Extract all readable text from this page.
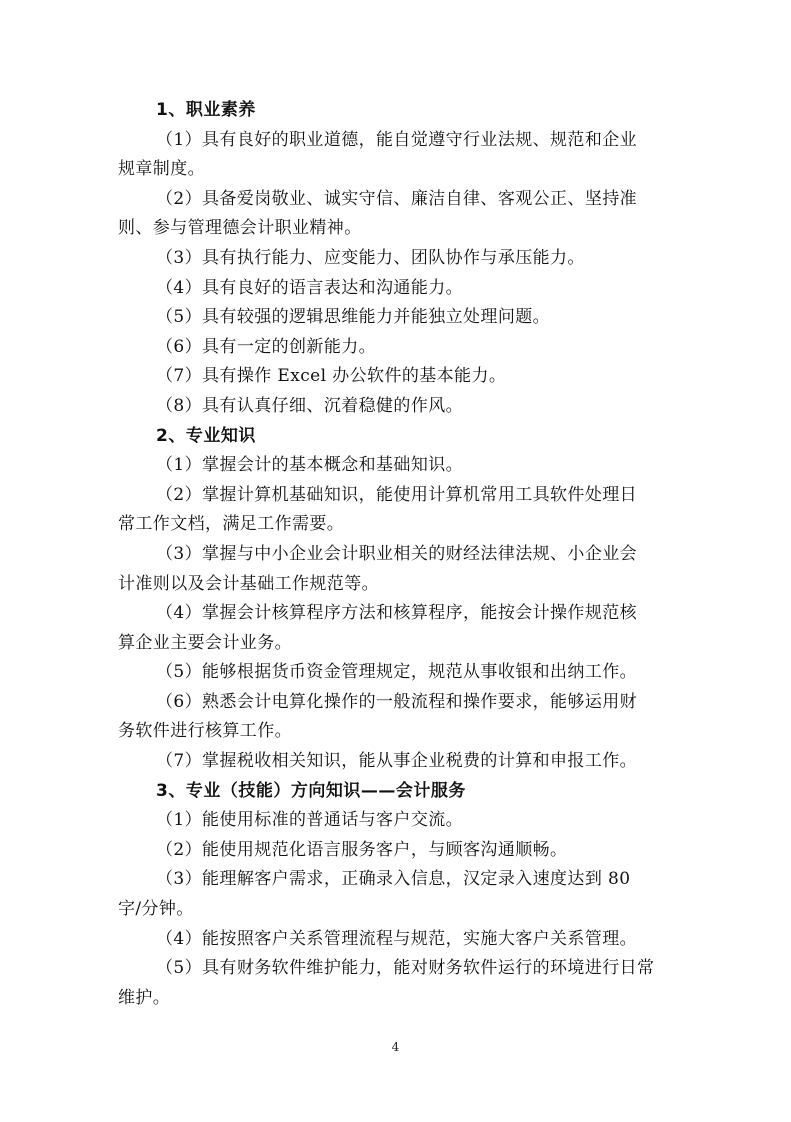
1、职业素养
（1）具有良好的职业道德，能自觉遵守行业法规、规范和企业
规章制度。
（2）具备爱岗敬业、诚实守信、廉洁自律、客观公正、坚持准
则、参与管理德会计职业精神。
（3）具有执行能力、应变能力、团队协作与承压能力。
（4）具有良好的语言表达和沟通能力。
（5）具有较强的逻辑思维能力并能独立处理问题。
（6）具有一定的创新能力。
（7）具有操作 Excel 办公软件的基本能力。
（8）具有认真仔细、沉着稳健的作风。
2、专业知识
（1）掌握会计的基本概念和基础知识。
（2）掌握计算机基础知识，能使用计算机常用工具软件处理日
常工作文档，满足工作需要。
（3）掌握与中小企业会计职业相关的财经法律法规、小企业会
计准则以及会计基础工作规范等。
（4）掌握会计核算程序方法和核算程序，能按会计操作规范核
算企业主要会计业务。
（5）能够根据货币资金管理规定，规范从事收银和出纳工作。
（6）熟悉会计电算化操作的一般流程和操作要求，能够运用财
务软件进行核算工作。
（7）掌握税收相关知识，能从事企业税费的计算和申报工作。
3、专业（技能）方向知识——会计服务
（1）能使用标准的普通话与客户交流。
（2）能使用规范化语言服务客户，与顾客沟通顺畅。
（3）能理解客户需求，正确录入信息，汉定录入速度达到 80
字/分钟。
（4）能按照客户关系管理流程与规范，实施大客户关系管理。
（5）具有财务软件维护能力，能对财务软件运行的环境进行日常
维护。
4
